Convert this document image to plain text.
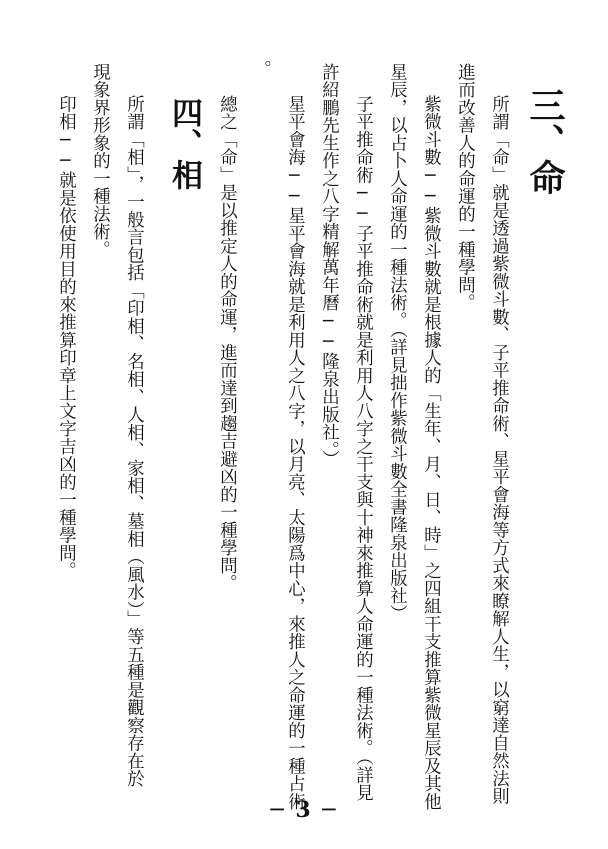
三、命
所謂「命」就是透過紫微斗數、子平推命術、星平會海等方式來瞭解人生，以窮達自然法則
進而改善人的命運的一種學問。
紫微斗數──紫微斗數就是根據人的「生年、月、日、時」之四組干支推算紫微星辰及其他
星辰，以占卜人命運的一種法術。（詳見拙作紫微斗數全書隆泉出版社）
子平推命術──子平推命術就是利用人八字之干支與十神來推算人命運的一種法術。（詳見
許紹鵬先生作之八字精解萬年曆──隆泉出版社。）
星平會海──星平會海就是利用人之八字，以月亮、太陽爲中心，來推人之命運的一種占術
。
總之「命」是以推定人的命運，進而達到趨吉避凶的一種學問。
四、相
所謂「相」，一般言包括「印相、名相、人相、家相、墓相（風水）」等五種是觀察存在於
現象界形象的一種法術。
印相──就是依使用目的來推算印章上文字吉凶的一種學問。
─ 3 ─
